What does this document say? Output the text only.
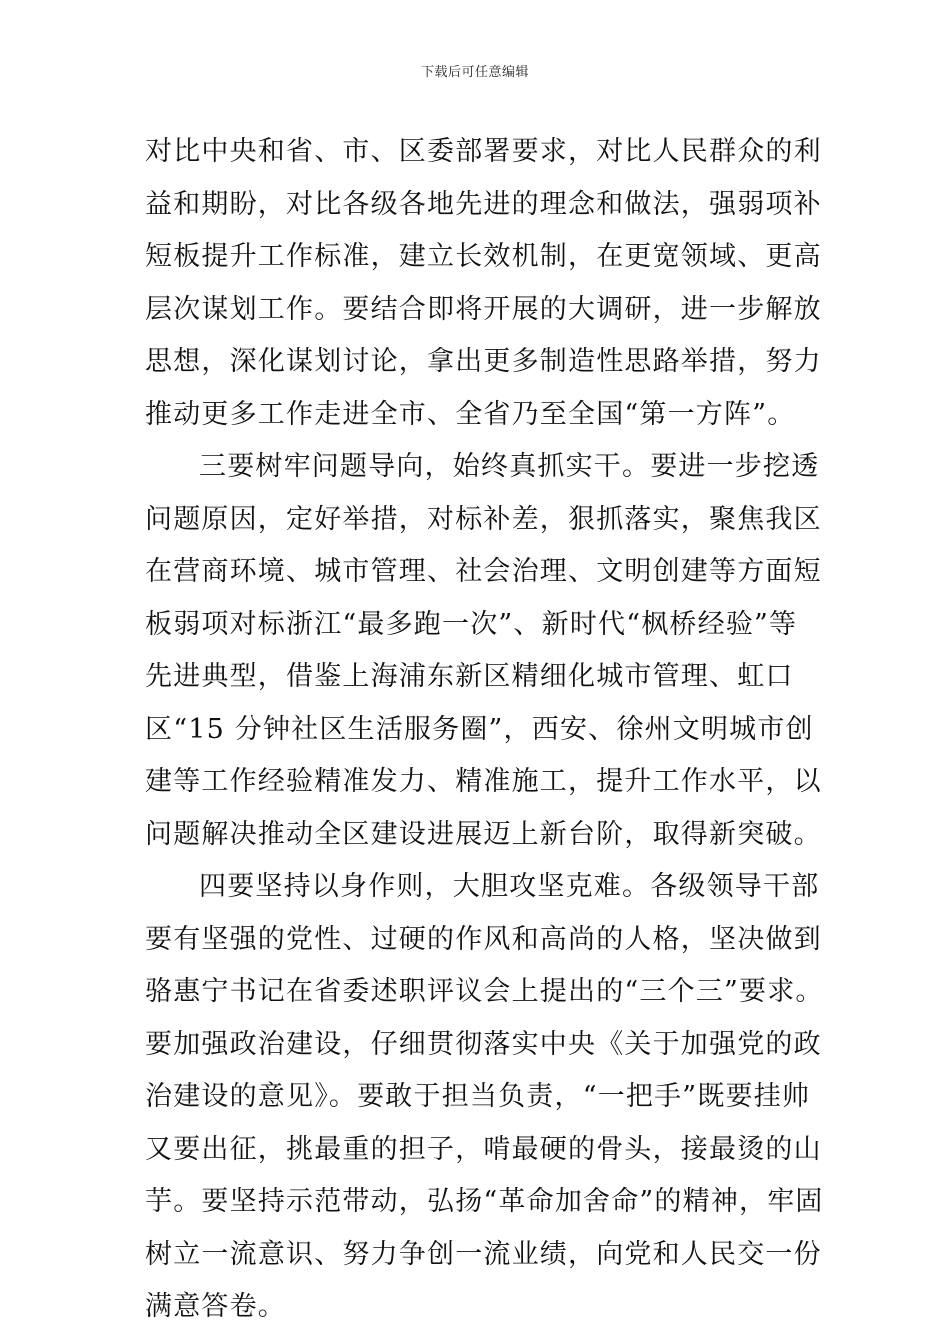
下载后可任意编辑

对比中央和省、市、区委部署要求，对比人民群众的利益和期盼，对比各级各地先进的理念和做法，强弱项补短板提升工作标准，建立长效机制，在更宽领域、更高层次谋划工作。要结合即将开展的大调研，进一步解放思想，深化谋划讨论，拿出更多制造性思路举措，努力推动更多工作走进全市、全省乃至全国“第一方阵”。

三要树牢问题导向，始终真抓实干。要进一步挖透问题原因，定好举措，对标补差，狠抓落实，聚焦我区在营商环境、城市管理、社会治理、文明创建等方面短板弱项对标浙江“最多跑一次”、新时代“枫桥经验”等先进典型，借鉴上海浦东新区精细化城市管理、虹口区“15 分钟社区生活服务圈”，西安、徐州文明城市创建等工作经验精准发力、精准施工，提升工作水平，以问题解决推动全区建设进展迈上新台阶，取得新突破。

四要坚持以身作则，大胆攻坚克难。各级领导干部要有坚强的党性、过硬的作风和高尚的人格，坚决做到骆惠宁书记在省委述职评议会上提出的“三个三”要求。要加强政治建设，仔细贯彻落实中央《关于加强党的政治建设的意见》。要敢于担当负责，“一把手”既要挂帅又要出征，挑最重的担子，啃最硬的骨头，接最烫的山芋。要坚持示范带动，弘扬“革命加舍命”的精神，牢固树立一流意识、努力争创一流业绩，向党和人民交一份满意答卷。
